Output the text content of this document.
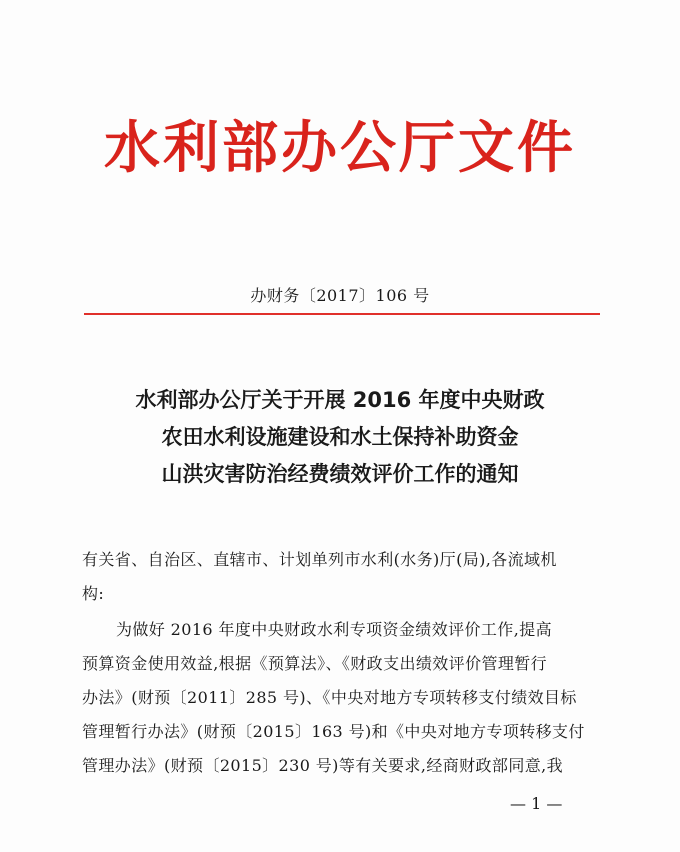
水利部办公厅文件
办财务〔2017〕106 号
水利部办公厅关于开展 2016 年度中央财政
农田水利设施建设和水土保持补助资金
山洪灾害防治经费绩效评价工作的通知
有关省、自治区、直辖市、计划单列市水利(水务)厅(局),各流域机
构:
为做好 2016 年度中央财政水利专项资金绩效评价工作,提高
预算资金使用效益,根据《预算法》、《财政支出绩效评价管理暂行
办法》(财预〔2011〕285 号)、《中央对地方专项转移支付绩效目标
管理暂行办法》(财预〔2015〕163 号)和《中央对地方专项转移支付
管理办法》(财预〔2015〕230 号)等有关要求,经商财政部同意,我
— 1 —
